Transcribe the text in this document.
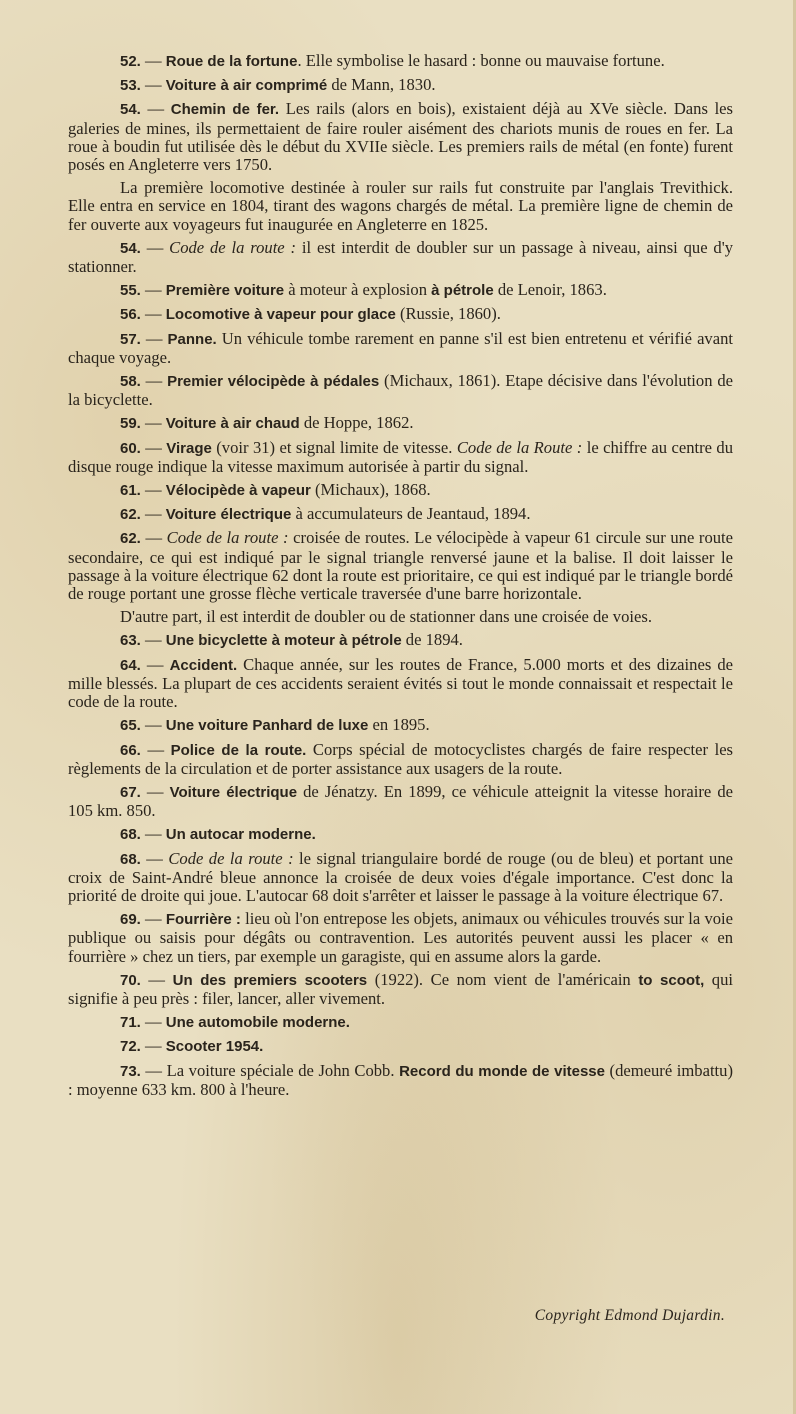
52. — Roue de la fortune. Elle symbolise le hasard : bonne ou mauvaise fortune.

53. — Voiture à air comprimé de Mann, 1830.

54. — Chemin de fer. Les rails (alors en bois), existaient déjà au XVe siècle. Dans les galeries de mines, ils permettaient de faire rouler aisément des chariots munis de roues en fer. La roue à boudin fut utilisée dès le début du XVIIe siècle. Les premiers rails de métal (en fonte) furent posés en Angleterre vers 1750.

La première locomotive destinée à rouler sur rails fut construite par l'anglais Trevithick. Elle entra en service en 1804, tirant des wagons chargés de métal. La première ligne de chemin de fer ouverte aux voyageurs fut inaugurée en Angleterre en 1825.

54. — Code de la route : il est interdit de doubler sur un passage à niveau, ainsi que d'y stationner.

55. — Première voiture à moteur à explosion à pétrole de Lenoir, 1863.

56. — Locomotive à vapeur pour glace (Russie, 1860).

57. — Panne. Un véhicule tombe rarement en panne s'il est bien entretenu et vérifié avant chaque voyage.

58. — Premier vélocipède à pédales (Michaux, 1861). Etape décisive dans l'évolution de la bicyclette.

59. — Voiture à air chaud de Hoppe, 1862.

60. — Virage (voir 31) et signal limite de vitesse. Code de la Route : le chiffre au centre du disque rouge indique la vitesse maximum autorisée à partir du signal.

61. — Vélocipède à vapeur (Michaux), 1868.

62. — Voiture électrique à accumulateurs de Jeantaud, 1894.

62. — Code de la route : croisée de routes. Le vélocipède à vapeur 61 circule sur une route secondaire, ce qui est indiqué par le signal triangle renversé jaune et la balise. Il doit laisser le passage à la voiture électrique 62 dont la route est prioritaire, ce qui est indiqué par le triangle bordé de rouge portant une grosse flèche verticale traversée d'une barre horizontale.

D'autre part, il est interdit de doubler ou de stationner dans une croisée de voies.

63. — Une bicyclette à moteur à pétrole de 1894.

64. — Accident. Chaque année, sur les routes de France, 5.000 morts et des dizaines de mille blessés. La plupart de ces accidents seraient évités si tout le monde connaissait et respectait le code de la route.

65. — Une voiture Panhard de luxe en 1895.

66. — Police de la route. Corps spécial de motocyclistes chargés de faire respecter les règlements de la circulation et de porter assistance aux usagers de la route.

67. — Voiture électrique de Jénatzy. En 1899, ce véhicule atteignit la vitesse horaire de 105 km. 850.

68. — Un autocar moderne.

68. — Code de la route : le signal triangulaire bordé de rouge (ou de bleu) et portant une croix de Saint-André bleue annonce la croisée de deux voies d'égale importance. C'est donc la priorité de droite qui joue. L'autocar 68 doit s'arrêter et laisser le passage à la voiture électrique 67.

69. — Fourrière : lieu où l'on entrepose les objets, animaux ou véhicules trouvés sur la voie publique ou saisis pour dégâts ou contravention. Les autorités peuvent aussi les placer « en fourrière » chez un tiers, par exemple un garagiste, qui en assume alors la garde.

70. — Un des premiers scooters (1922). Ce nom vient de l'américain to scoot, qui signifie à peu près : filer, lancer, aller vivement.

71. — Une automobile moderne.

72. — Scooter 1954.

73. — La voiture spéciale de John Cobb. Record du monde de vitesse (demeuré imbattu) : moyenne 633 km. 800 à l'heure.

Copyright Edmond Dujardin.
